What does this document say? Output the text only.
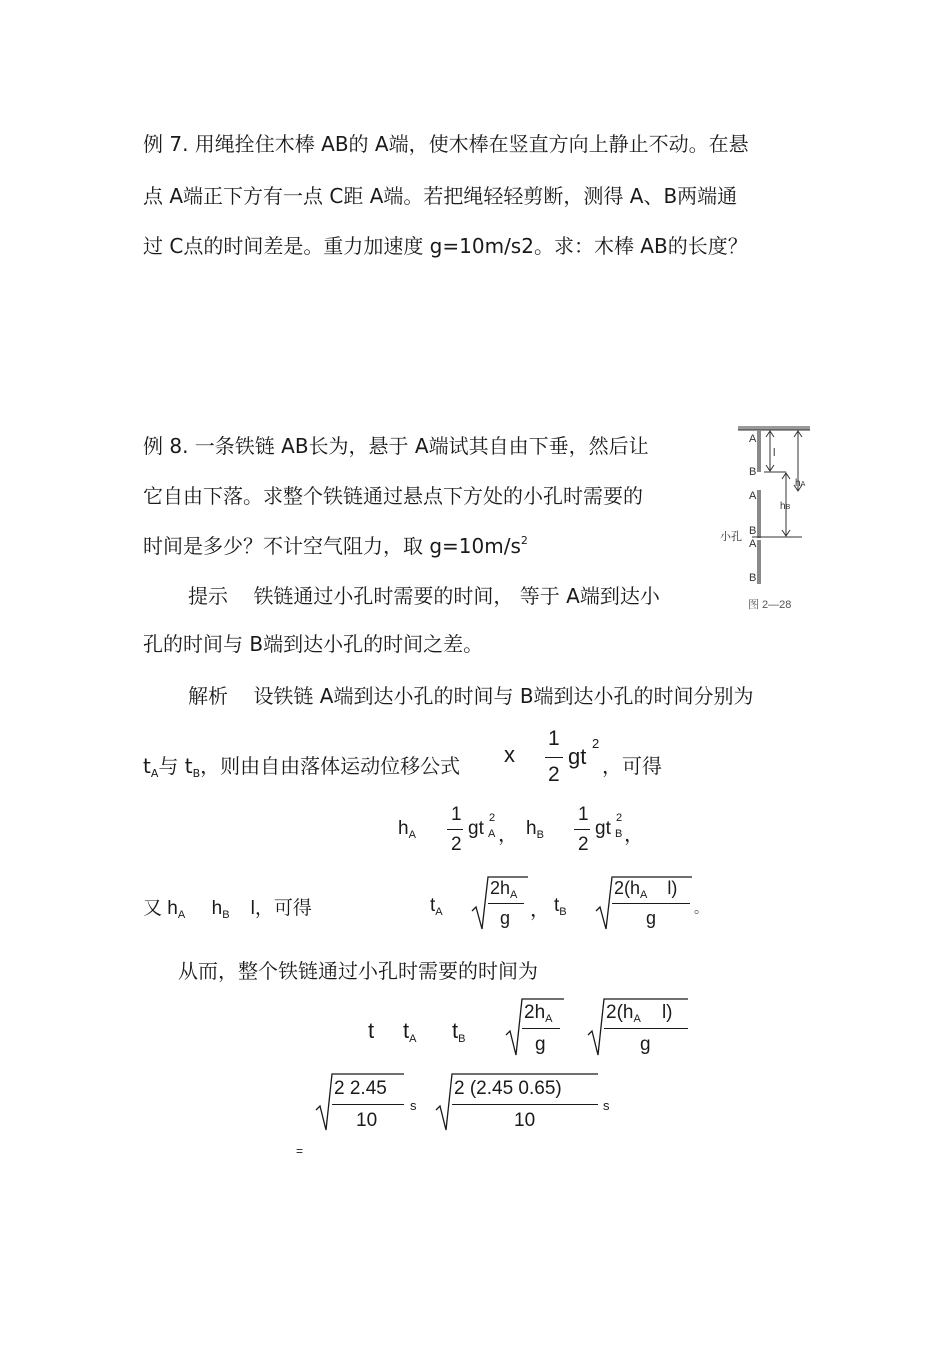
例 7. 用绳拴住木棒 AB的 A端，使木棒在竖直方向上静止不动。在悬
点 A端正下方有一点 C距 A端。若把绳轻轻剪断，测得 A、B两端通
过 C点的时间差是。重力加速度 g=10m/s2。求：木棒 AB的长度？
例 8. 一条铁链 AB长为，悬于 A端试其自由下垂，然后让
它自由下落。求整个铁链通过悬点下方处的小孔时需要的
时间是多少？不计空气阻力，取 $g=10m/s^2$
提示 铁链通过小孔时需要的时间， 等于 A端到达小
孔的时间与 B端到达小孔的时间之差。
解析 设铁链 A端到达小孔的时间与 B端到达小孔的时间分别为
$t_A$与 $t_B$，则由自由落体运动位移公式 x
1
2
gt
2
，可得
$h_A$
1
2
gt 2
A ， $h_B$
1
2
gt 2
B ，
又 $h_A$ $h_B$ l，可得	$t_A$
$2h_A$
g ， $t_B$
$2(h_A$ l)
g	。
从而，整个铁链通过小孔时需要的时间为
t $t_A$ $t_B$
$2h_A$
g
$2(h_A$ l)
g
2 2.45
10
s
2 (2.45 0.65)
10
s
=
A
B
l
hA
A
hB
小孔 B
A
B
图 2—28
